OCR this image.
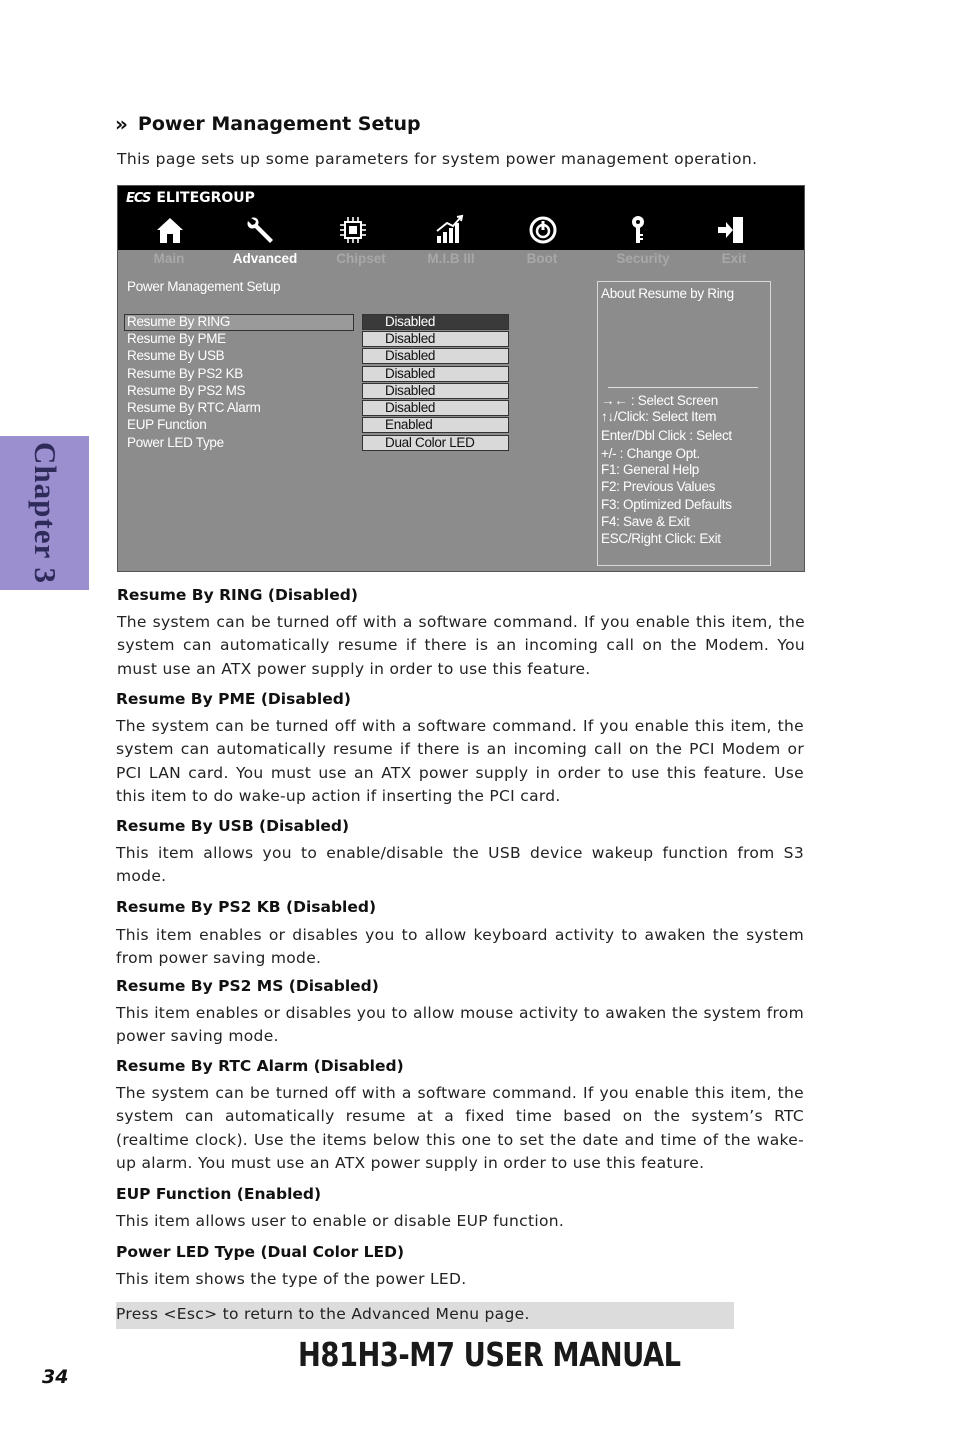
» Power Management Setup
This page sets up some parameters for system power management operation.
Chapter 3
ECS ELITEGROUP
Main	Advanced	Chipset	M.I.B III	Boot	Security	Exit
Power Management Setup
Resume By RING	Disabled
Resume By PME	Disabled
Resume By USB	Disabled
Resume By PS2 KB	Disabled
Resume By PS2 MS	Disabled
Resume By RTC Alarm	Disabled
EUP Function	Enabled
Power LED Type	Dual Color LED
About Resume by Ring
→← : Select Screen
↑↓/Click: Select Item
Enter/Dbl Click : Select
+/- : Change Opt.
F1: General Help
F2: Previous Values
F3: Optimized Defaults
F4: Save & Exit
ESC/Right Click: Exit
Resume By RING (Disabled)
The system can be turned off with a software command. If you enable this item, the system can automatically resume if there is an incoming call on the Modem. You must use an ATX power supply in order to use this feature.
Resume By PME (Disabled)
The system can be turned off with a software command. If you enable this item, the system can automatically resume if there is an incoming call on the PCI Modem or PCI LAN card. You must use an ATX power supply in order to use this feature. Use this item to do wake-up action if inserting the PCI card.
Resume By USB (Disabled)
This item allows you to enable/disable the USB device wakeup function from S3 mode.
Resume By PS2 KB (Disabled)
This item enables or disables you to allow keyboard activity to awaken the system from power saving mode.
Resume By PS2 MS (Disabled)
This item enables or disables you to allow mouse activity to awaken the system from power saving mode.
Resume By RTC Alarm (Disabled)
The system can be turned off with a software command. If you enable this item, the system can automatically resume at a fixed time based on the system’s RTC (realtime clock). Use the items below this one to set the date and time of the wake-up alarm. You must use an ATX power supply in order to use this feature.
EUP Function (Enabled)
This item allows user to enable or disable EUP function.
Power LED Type (Dual Color LED)
This item shows the type of the power LED.
Press <Esc> to return to the Advanced Menu page.
34
H81H3-M7 USER MANUAL
